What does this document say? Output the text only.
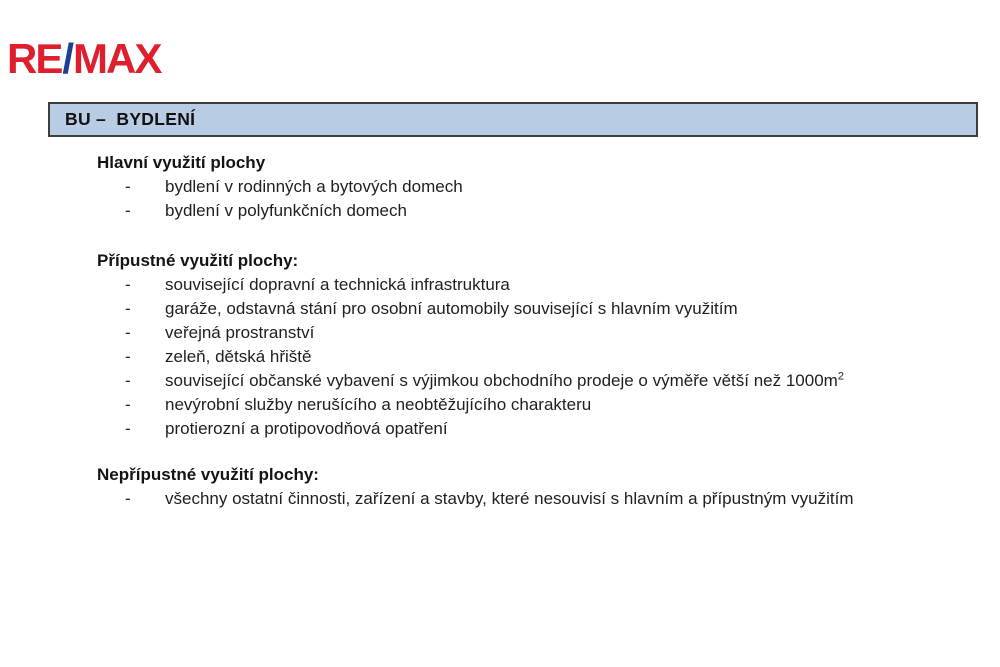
RE/MAX
BU –  BYDLENÍ
Hlavní využití plochy
-	bydlení v rodinných a bytových domech
-	bydlení v polyfunkčních domech
Přípustné využití plochy:
-	související dopravní a technická infrastruktura
-	garáže, odstavná stání pro osobní automobily související s hlavním využitím
-	veřejná prostranství
-	zeleň, dětská hřiště
-	související občanské vybavení s výjimkou obchodního prodeje o výměře větší než $1000m^2$
-	nevýrobní služby nerušícího a neobtěžujícího charakteru
-	protierozní a protipovodňová opatření
Nepřípustné využití plochy:
-	všechny ostatní činnosti, zařízení a stavby, které nesouvisí s hlavním a přípustným využitím
